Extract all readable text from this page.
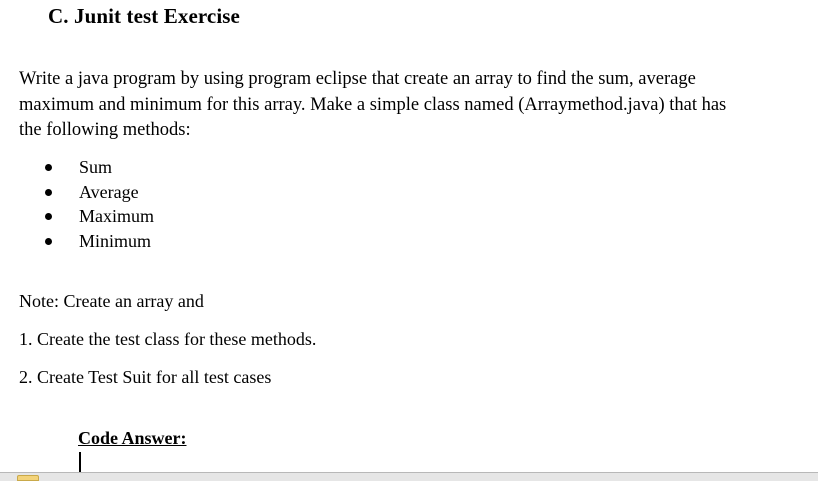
C. Junit test Exercise
Write a java program by using program eclipse that create an array to find the sum, average
maximum and minimum for this array. Make a simple class named (Arraymethod.java) that has
the following methods:
Sum
Average
Maximum
Minimum
Note: Create an array and
1. Create the test class for these methods.
2. Create Test Suit for all test cases
Code Answer:
